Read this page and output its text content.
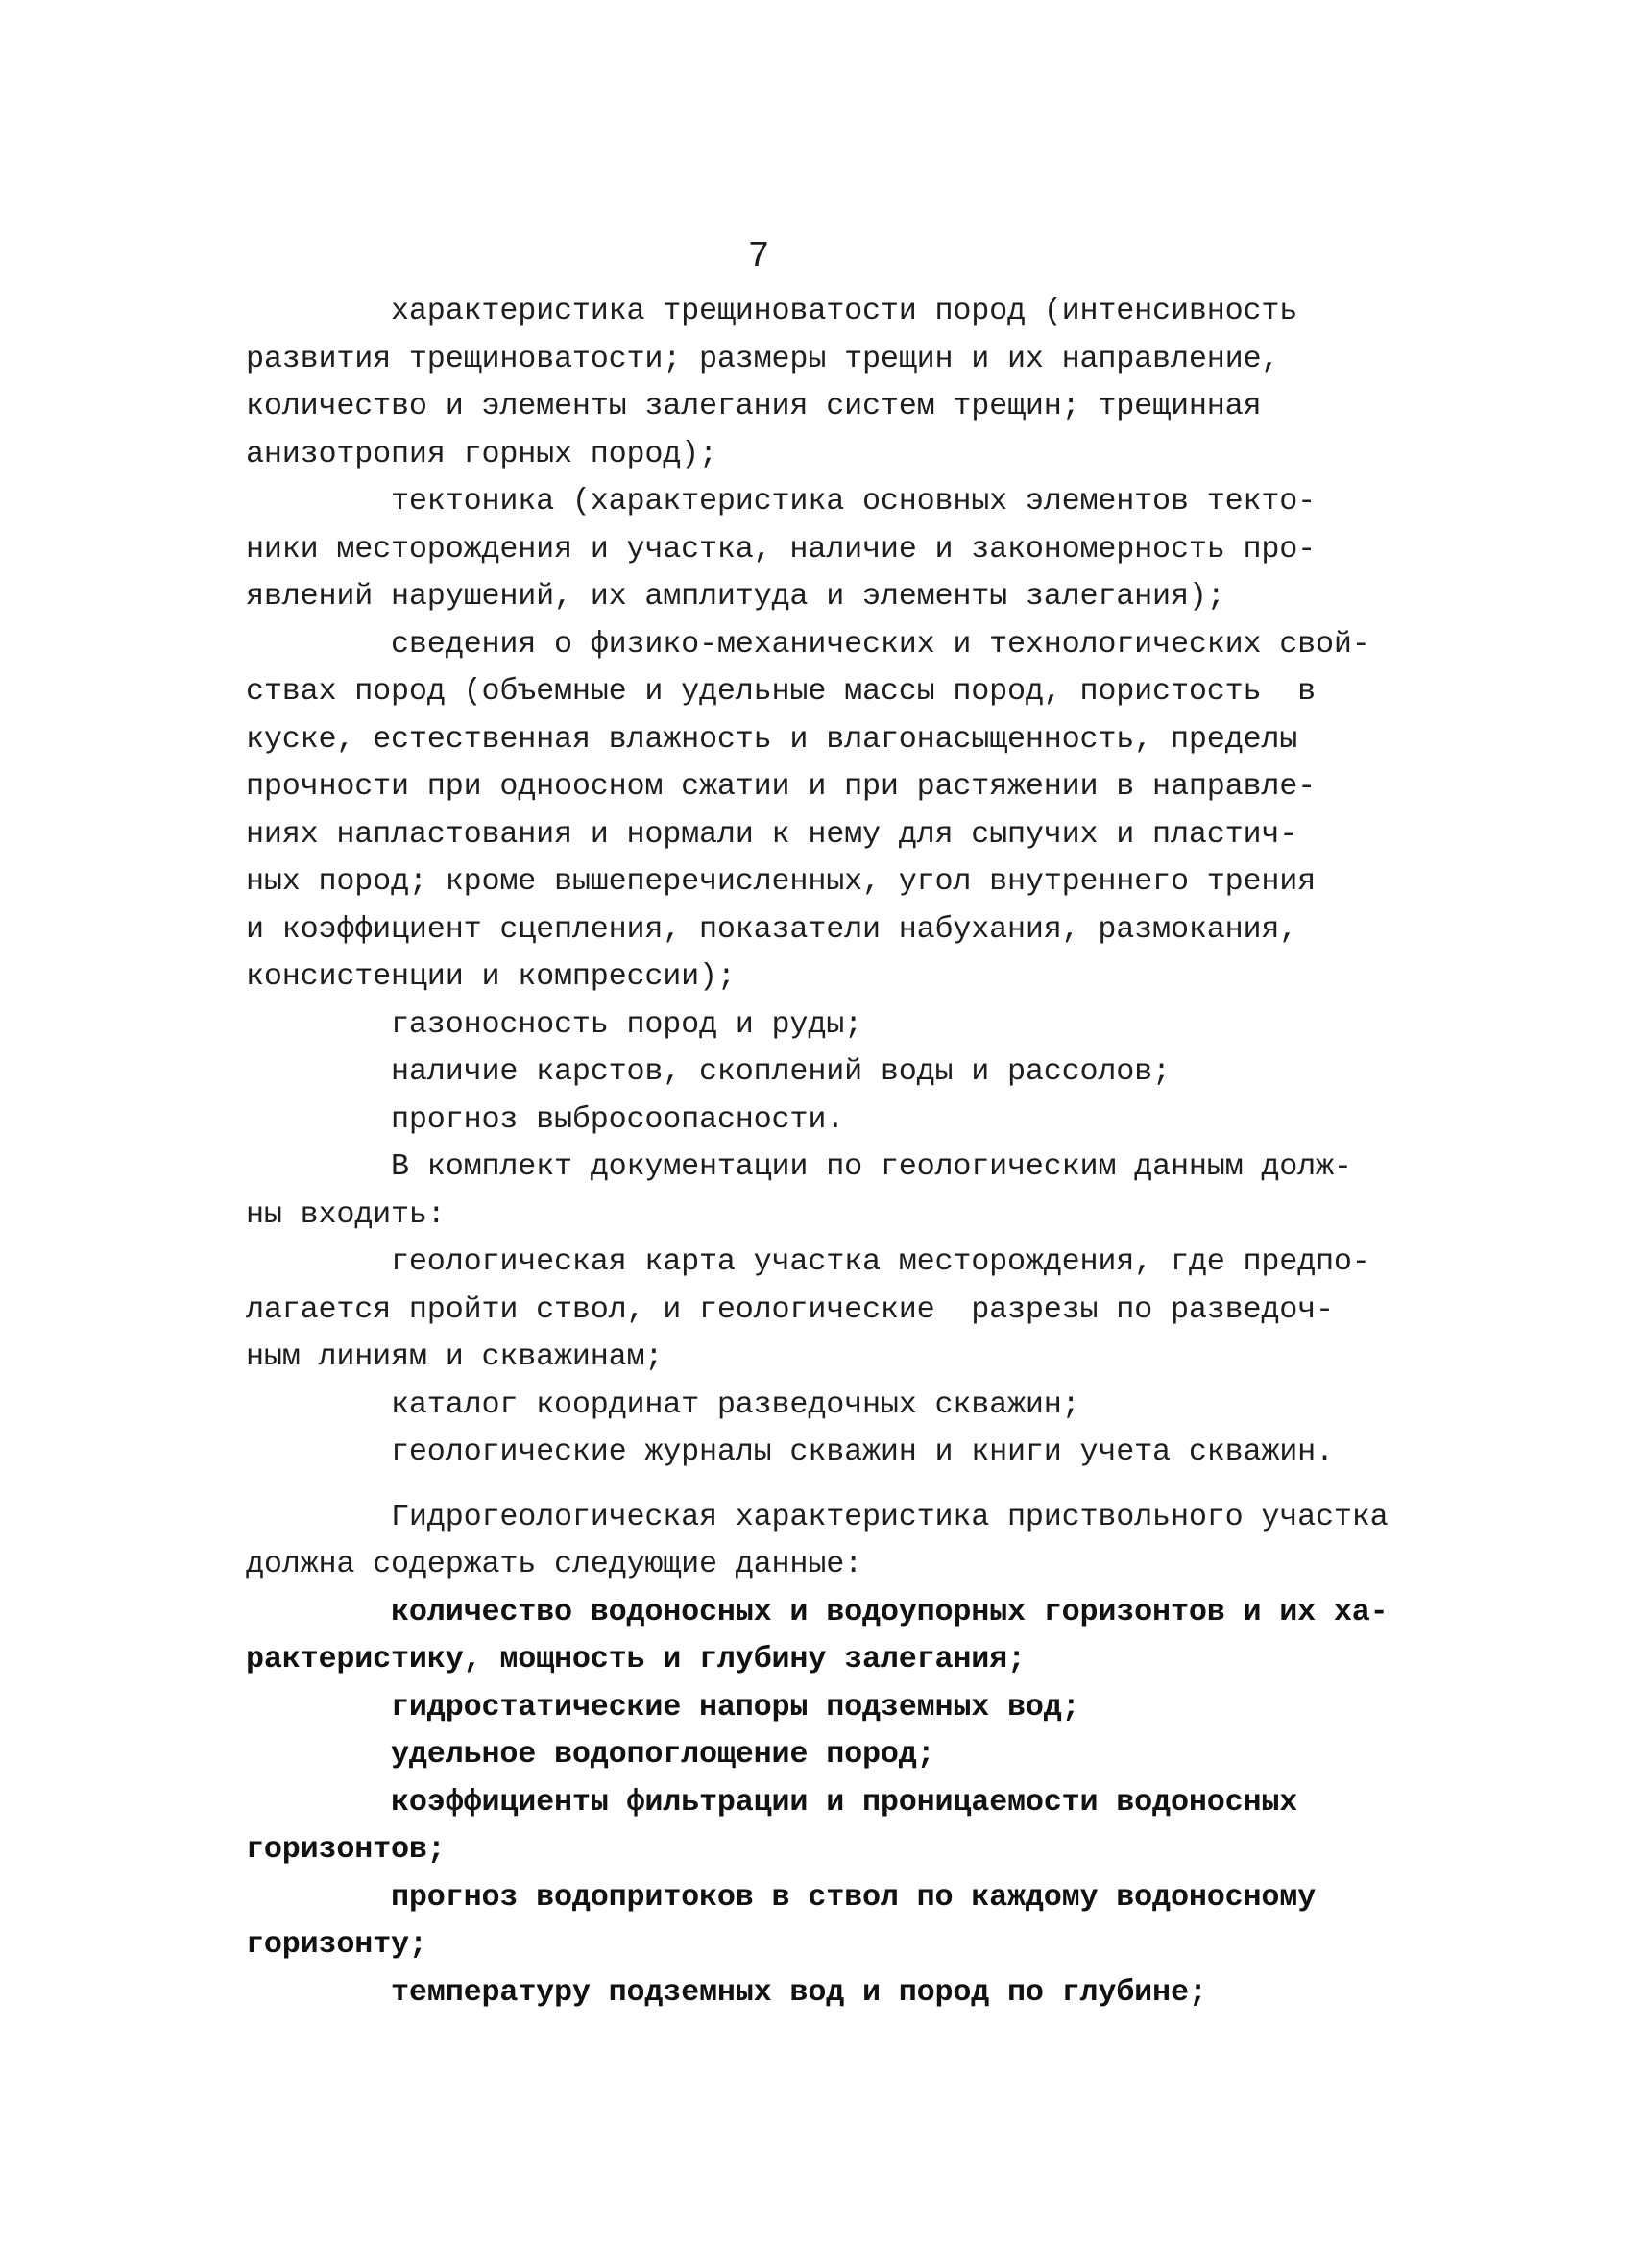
7
характеристика трещиноватости пород (интенсивность
развития трещиноватости; размеры трещин и их направление,
количество и элементы залегания систем трещин; трещинная
анизотропия горных пород);
тектоника (характеристика основных элементов текто-
ники месторождения и участка, наличие и закономерность про-
явлений нарушений, их амплитуда и элементы залегания);
сведения о физико-механических и технологических свой-
ствах пород (объемные и удельные массы пород, пористость  в
куске, естественная влажность и влагонасыщенность, пределы
прочности при одноосном сжатии и при растяжении в направле-
ниях напластования и нормали к нему для сыпучих и пластич-
ных пород; кроме вышеперечисленных, угол внутреннего трения
и коэффициент сцепления, показатели набухания, размокания,
консистенции и компрессии);
газоносность пород и руды;
наличие карстов, скоплений воды и рассолов;
прогноз выбросоопасности.
В комплект документации по геологическим данным долж-
ны входить:
геологическая карта участка месторождения, где предпо-
лагается пройти ствол, и геологические  разрезы по разведоч-
ным линиям и скважинам;
каталог координат разведочных скважин;
геологические журналы скважин и книги учета скважин.
Гидрогеологическая характеристика приствольного участка
должна содержать следующие данные:
количество водоносных и водоупорных горизонтов и их ха-
рактеристику, мощность и глубину залегания;
гидростатические напоры подземных вод;
удельное водопоглощение пород;
коэффициенты фильтрации и проницаемости водоносных
горизонтов;
прогноз водопритоков в ствол по каждому водоносному
горизонту;
температуру подземных вод и пород по глубине;
